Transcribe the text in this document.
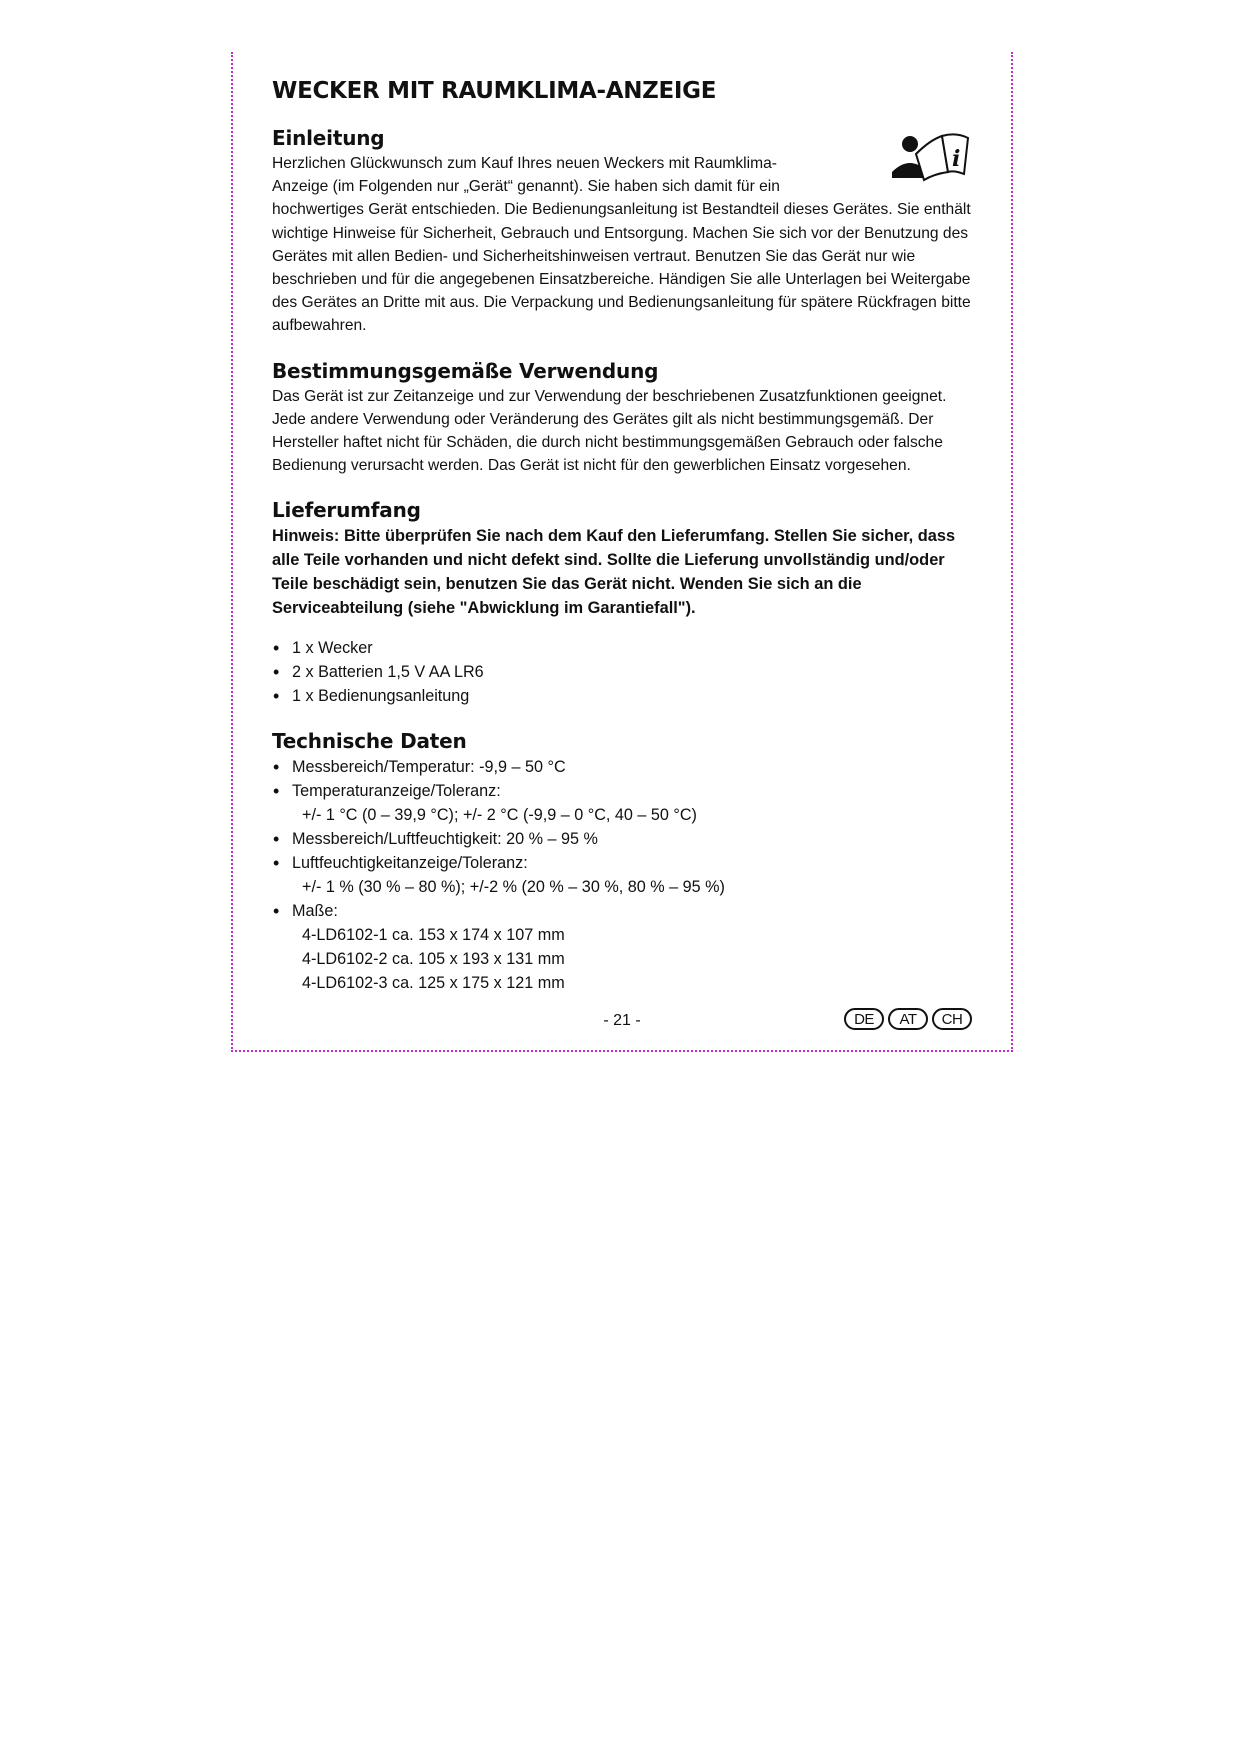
WECKER MIT RAUMKLIMA-ANZEIGE
Einleitung
i

Herzlichen Glückwunsch zum Kauf Ihres neuen Weckers mit Raumklima-
Anzeige (im Folgenden nur „Gerät“ genannt). Sie haben sich damit für ein
hochwertiges Gerät entschieden. Die Bedienungsanleitung ist Bestandteil dieses Gerätes. Sie enthält wichtige Hinweise für Sicherheit, Gebrauch und Entsorgung. Machen Sie sich vor der Benutzung des Gerätes mit allen Bedien- und Sicherheitshinweisen vertraut. Benutzen Sie das Gerät nur wie beschrieben und für die angegebenen Einsatzbereiche. Händigen Sie alle Unterlagen bei Weitergabe des Gerätes an Dritte mit aus. Die Verpackung und Bedienungsanleitung für spätere Rückfragen bitte aufbewahren.

Bestimmungsgemäße Verwendung

Das Gerät ist zur Zeitanzeige und zur Verwendung der beschriebenen Zusatzfunktionen geeignet. Jede andere Verwendung oder Veränderung des Gerätes gilt als nicht bestimmungsgemäß. Der Hersteller haftet nicht für Schäden, die durch nicht bestimmungsgemäßen Gebrauch oder falsche Bedienung verursacht werden. Das Gerät ist nicht für den gewerblichen Einsatz vorgesehen.

Lieferumfang

Hinweis: Bitte überprüfen Sie nach dem Kauf den Lieferumfang. Stellen Sie sicher, dass alle Teile vorhanden und nicht defekt sind. Sollte die Lieferung unvollständig und/oder Teile beschädigt sein, benutzen Sie das Gerät nicht. Wenden Sie sich an die Serviceabteilung (siehe "Abwicklung im Garantiefall").

• 1 x Wecker
• 2 x Batterien 1,5 V AA LR6
• 1 x Bedienungsanleitung
Technische Daten
• Messbereich/Temperatur: -9,9 – 50 °C
• Temperaturanzeige/Toleranz:
+/- 1 °C (0 – 39,9 °C); +/- 2 °C (-9,9 – 0 °C, 40 – 50 °C)
• Messbereich/Luftfeuchtigkeit: 20 % – 95 %
• Luftfeuchtigkeitanzeige/Toleranz:
+/- 1 % (30 % – 80 %); +/-2 % (20 % – 30 %, 80 % – 95 %)
• Maße:
4-LD6102-1 ca. 153 x 174 x 107 mm
4-LD6102-2 ca. 105 x 193 x 131 mm
4-LD6102-3 ca. 125 x 175 x 121 mm
- 21 -	DE	AT	CH
